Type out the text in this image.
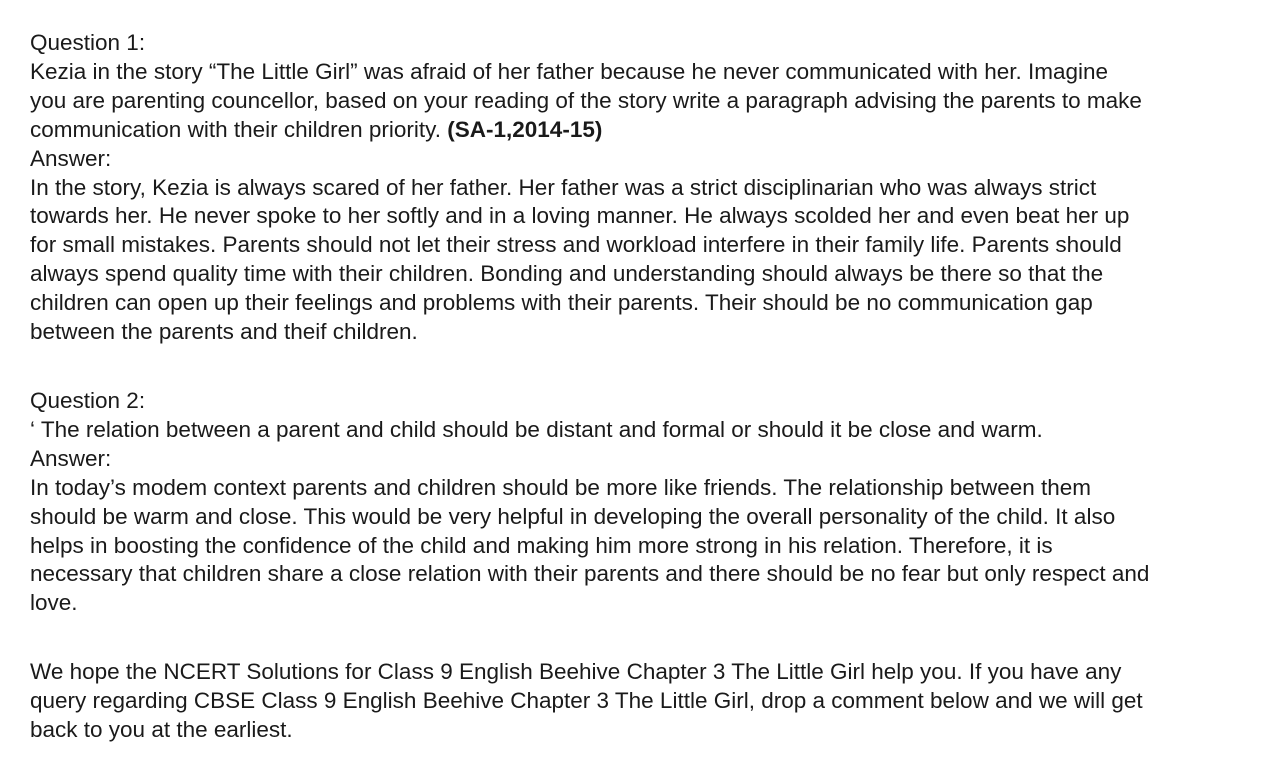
Question 1:
Kezia in the story “The Little Girl” was afraid of her father because he never communicated with her. Imagine
you are parenting councellor, based on your reading of the story write a paragraph advising the parents to make
communication with their children priority. (SA-1,2014-15)
Answer:
In the story, Kezia is always scared of her father. Her father was a strict disciplinarian who was always strict
towards her. He never spoke to her softly and in a loving manner. He always scolded her and even beat her up
for small mistakes. Parents should not let their stress and workload interfere in their family life. Parents should
always spend quality time with their children. Bonding and understanding should always be there so that the
children can open up their feelings and problems with their parents. Their should be no communication gap
between the parents and theif children.
Question 2:
‘ The relation between a parent and child should be distant and formal or should it be close and warm.
Answer:
In today’s modem context parents and children should be more like friends. The relationship between them
should be warm and close. This would be very helpful in developing the overall personality of the child. It also
helps in boosting the confidence of the child and making him more strong in his relation. Therefore, it is
necessary that children share a close relation with their parents and there should be no fear but only respect and
love.
We hope the NCERT Solutions for Class 9 English Beehive Chapter 3 The Little Girl help you. If you have any
query regarding CBSE Class 9 English Beehive Chapter 3 The Little Girl, drop a comment below and we will get
back to you at the earliest.
